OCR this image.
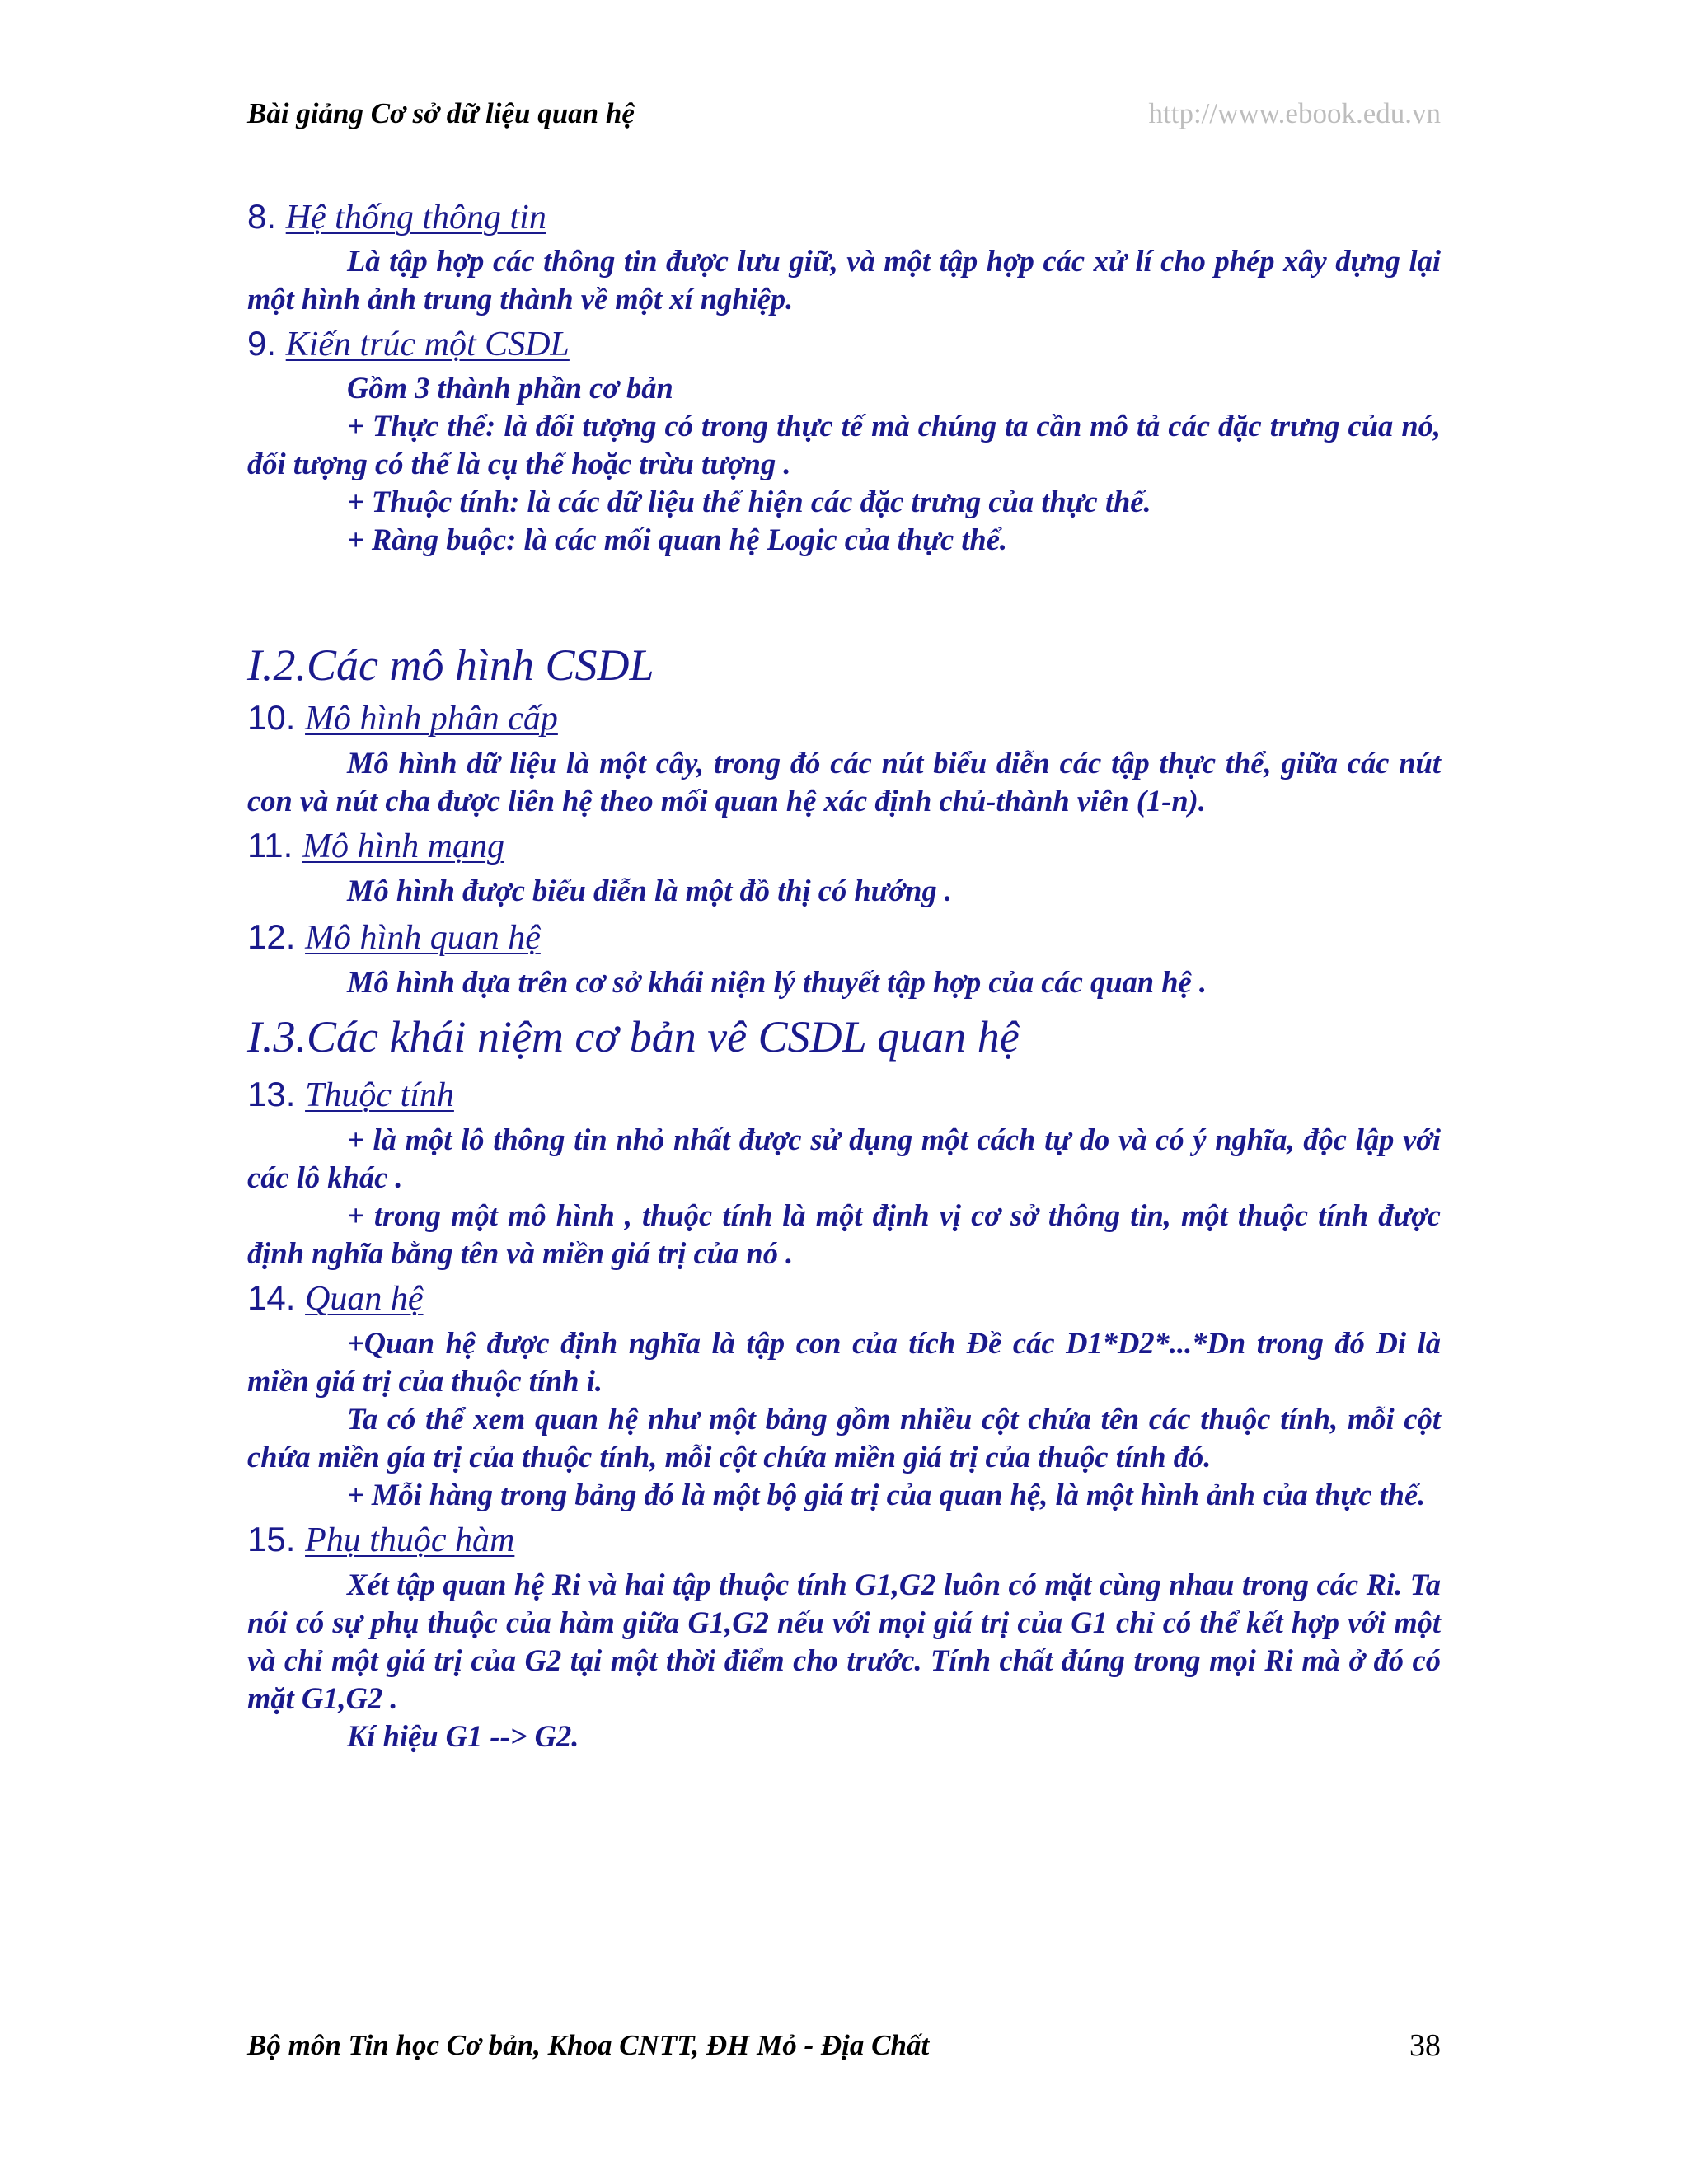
Bài giảng Cơ sở dữ liệu quan hệ	http://www.ebook.edu.vn

8. Hệ thống thông tin

Là tập hợp các thông tin được lưu giữ, và một tập hợp các xử lí cho phép xây dựng lại một hình ảnh trung thành về một xí nghiệp.

9. Kiến trúc một CSDL

Gồm 3 thành phần cơ bản

+ Thực thể: là đối tượng có trong thực tế mà chúng ta cần mô tả các đặc trưng của nó, đối tượng có thể là cụ thể hoặc trừu tượng .

+ Thuộc tính: là các dữ liệu thể hiện các đặc trưng của thực thể.

+ Ràng buộc: là các mối quan hệ Logic của thực thể.

I.2.Các mô hình CSDL

10. Mô hình phân cấp

Mô hình dữ liệu là một cây, trong đó các nút biểu diễn các tập thực thể, giữa các nút con và nút cha được liên hệ theo mối quan hệ xác định chủ-thành viên (1-n).

11. Mô hình mạng

Mô hình được biểu diễn là một đồ thị có hướng .

12. Mô hình quan hệ

Mô hình dựa trên cơ sở khái niện lý thuyết tập hợp của các quan hệ .

I.3.Các khái niệm cơ bản vê CSDL quan hệ

13. Thuộc tính

+ là một lô thông tin nhỏ nhất được sử dụng một cách tự do và có ý nghĩa, độc lập với các lô khác .

+ trong một mô hình , thuộc tính là một định vị cơ sở thông tin, một thuộc tính được định nghĩa bằng tên và miền giá trị của nó .

14. Quan hệ

+Quan hệ được định nghĩa là tập con của tích Đề các D1*D2*...*Dn trong đó Di là miền giá trị của thuộc tính i.

Ta có thể xem quan hệ như một bảng gồm nhiều cột chứa tên các thuộc tính, mỗi cột chứa miền gía trị của thuộc tính, mỗi cột chứa miền giá trị của thuộc tính đó.

+ Mỗi hàng trong bảng đó là một bộ giá trị của quan hệ, là một hình ảnh của thực thể.

15. Phụ thuộc hàm

Xét tập quan hệ Ri và hai tập thuộc tính G1,G2 luôn có mặt cùng nhau trong các Ri. Ta nói có sự phụ thuộc của hàm giữa G1,G2 nếu với mọi giá trị của G1 chỉ có thể kết hợp với một và chỉ một giá trị của G2 tại một thời điểm cho trước. Tính chất đúng trong mọi Ri mà ở đó có mặt G1,G2 .

Kí hiệu G1 --> G2.

Bộ môn Tin học Cơ bản, Khoa CNTT, ĐH Mỏ - Địa Chất	38
